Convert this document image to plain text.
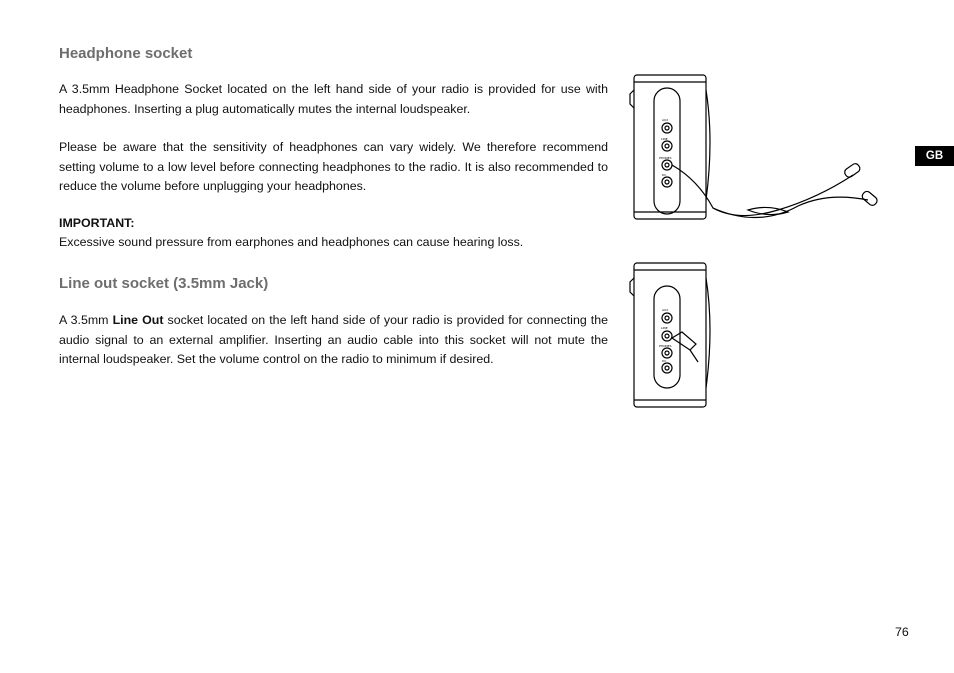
Headphone socket

A 3.5mm Headphone Socket located on the left hand side of your radio is provided for use with headphones. Inserting a plug automatically mutes the internal loudspeaker.

Please be aware that the sensitivity of headphones can vary widely. We therefore recommend setting volume to a low level before connecting headphones to the radio. It is also recommended to reduce the volume before unplugging your headphones.

IMPORTANT:

Excessive sound pressure from earphones and headphones can cause hearing loss.

Line out socket (3.5mm Jack)

A 3.5mm Line Out socket located on the left hand side of your radio is provided for connecting the audio signal to an external amplifier. Inserting an audio cable into this socket will not mute the internal loudspeaker. Set the volume control on the radio to minimum if desired.

GB
76
AUX
LINE
PHONES
DC
AUX
LINE
PHONES
DC
